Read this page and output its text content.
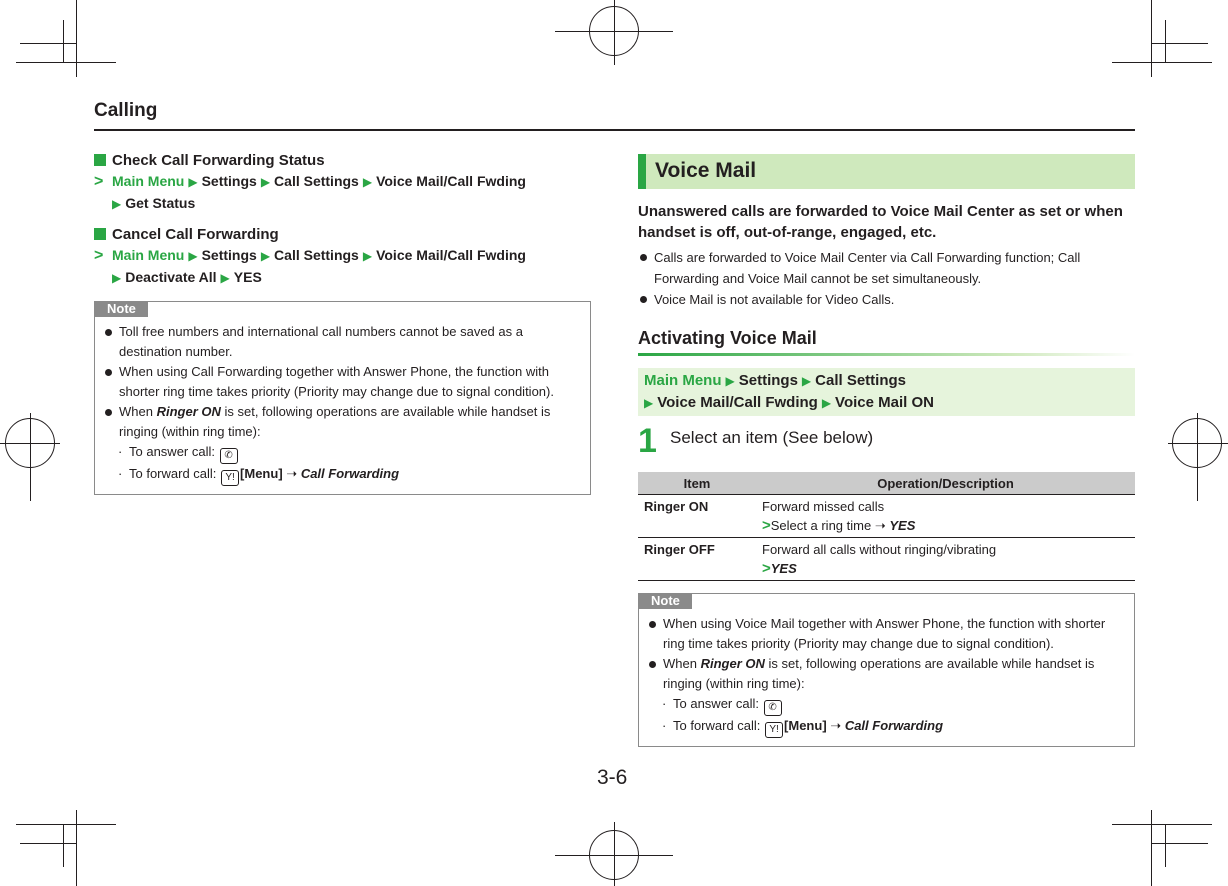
Calling

Check Call Forwarding Status

> Main Menu ▶ Settings ▶ Call Settings ▶ Voice Mail/Call Fwding
▶ Get Status

Cancel Call Forwarding

> Main Menu ▶ Settings ▶ Call Settings ▶ Voice Mail/Call Fwding
▶ Deactivate All ▶ YES
Note

Toll free numbers and international call numbers cannot be saved as a destination number.

When using Call Forwarding together with Answer Phone, the function with shorter ring time takes priority (Priority may change due to signal condition).

When Ringer ON is set, following operations are available while handset is ringing (within ring time):

· To answer call: ✆

· To forward call: Y! [Menu] ➝ Call Forwarding

Voice Mail

Unanswered calls are forwarded to Voice Mail Center as set or when handset is off, out-of-range, engaged, etc.

Calls are forwarded to Voice Mail Center via Call Forwarding function; Call Forwarding and Voice Mail cannot be set simultaneously.

Voice Mail is not available for Video Calls.

Activating Voice Mail
Main Menu ▶ Settings ▶ Call Settings
▶ Voice Mail/Call Fwding ▶ Voice Mail ON
1 Select an item (See below)
Item	Operation/Description
Ringer ON	Forward missed calls
>Select a ring time ➝ YES
Ringer OFF	Forward all calls without ringing/vibrating
>YES
Note

When using Voice Mail together with Answer Phone, the function with shorter ring time takes priority (Priority may change due to signal condition).

When Ringer ON is set, following operations are available while handset is ringing (within ring time):

· To answer call: ✆

· To forward call: Y! [Menu] ➝ Call Forwarding

3-6
